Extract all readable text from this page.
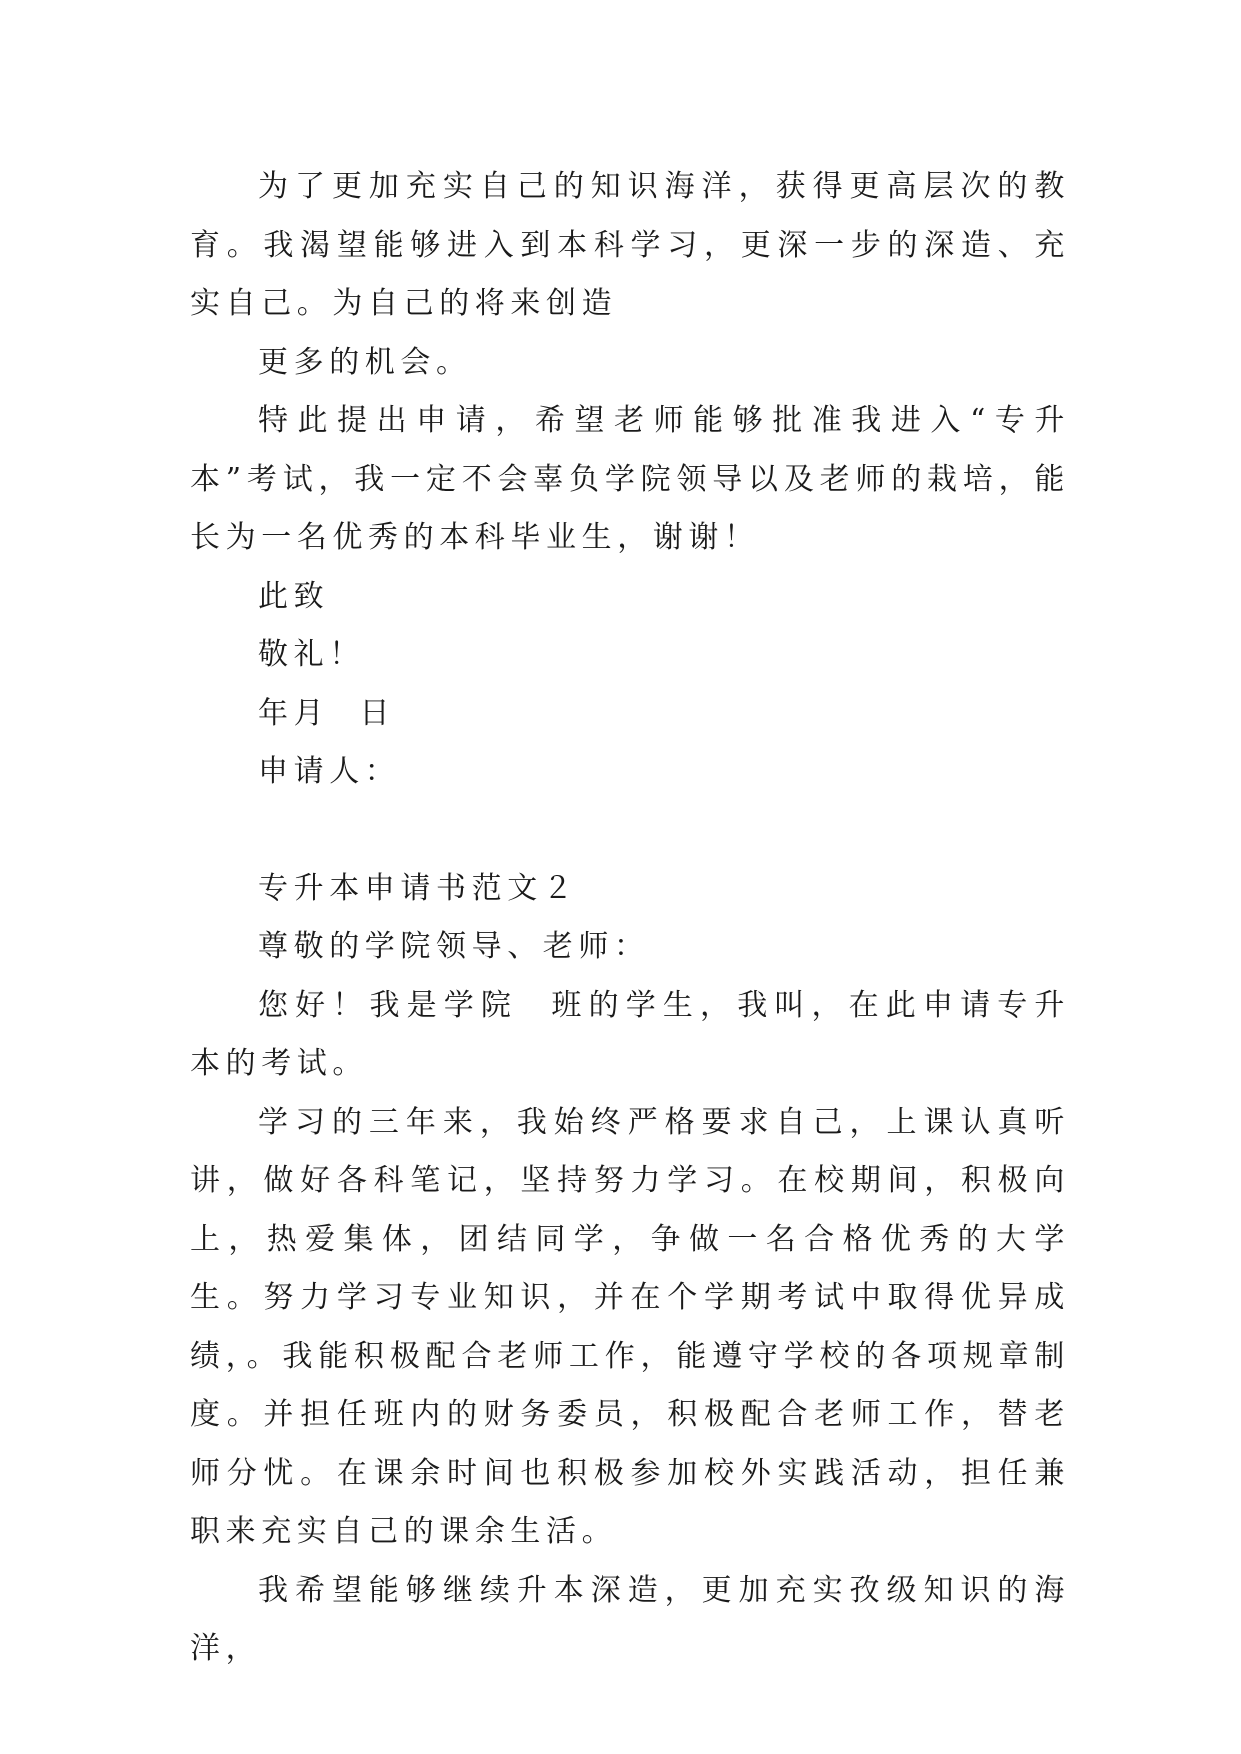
为了更加充实自己的知识海洋，获得更高层次的教育。我渴望能够进入到本科学习，更深一步的深造、充实自己。为自己的将来创造

更多的机会。

特此提出申请，希望老师能够批准我进入“专升本”考试，我一定不会辜负学院领导以及老师的栽培，能长为一名优秀的本科毕业生，谢谢！

此致

敬礼！

年月  日

申请人：

专升本申请书范文２

尊敬的学院领导、老师：

您好！我是学院  班的学生，我叫，在此申请专升本的考试。

学习的三年来，我始终严格要求自己，上课认真听讲，做好各科笔记，坚持努力学习。在校期间，积极向上，热爱集体，团结同学，争做一名合格优秀的大学生。努力学习专业知识，并在个学期考试中取得优异成绩，。我能积极配合老师工作，能遵守学校的各项规章制度。并担任班内的财务委员，积极配合老师工作，替老师分忧。在课余时间也积极参加校外实践活动，担任兼职来充实自己的课余生活。

我希望能够继续升本深造，更加充实孜级知识的海洋，
